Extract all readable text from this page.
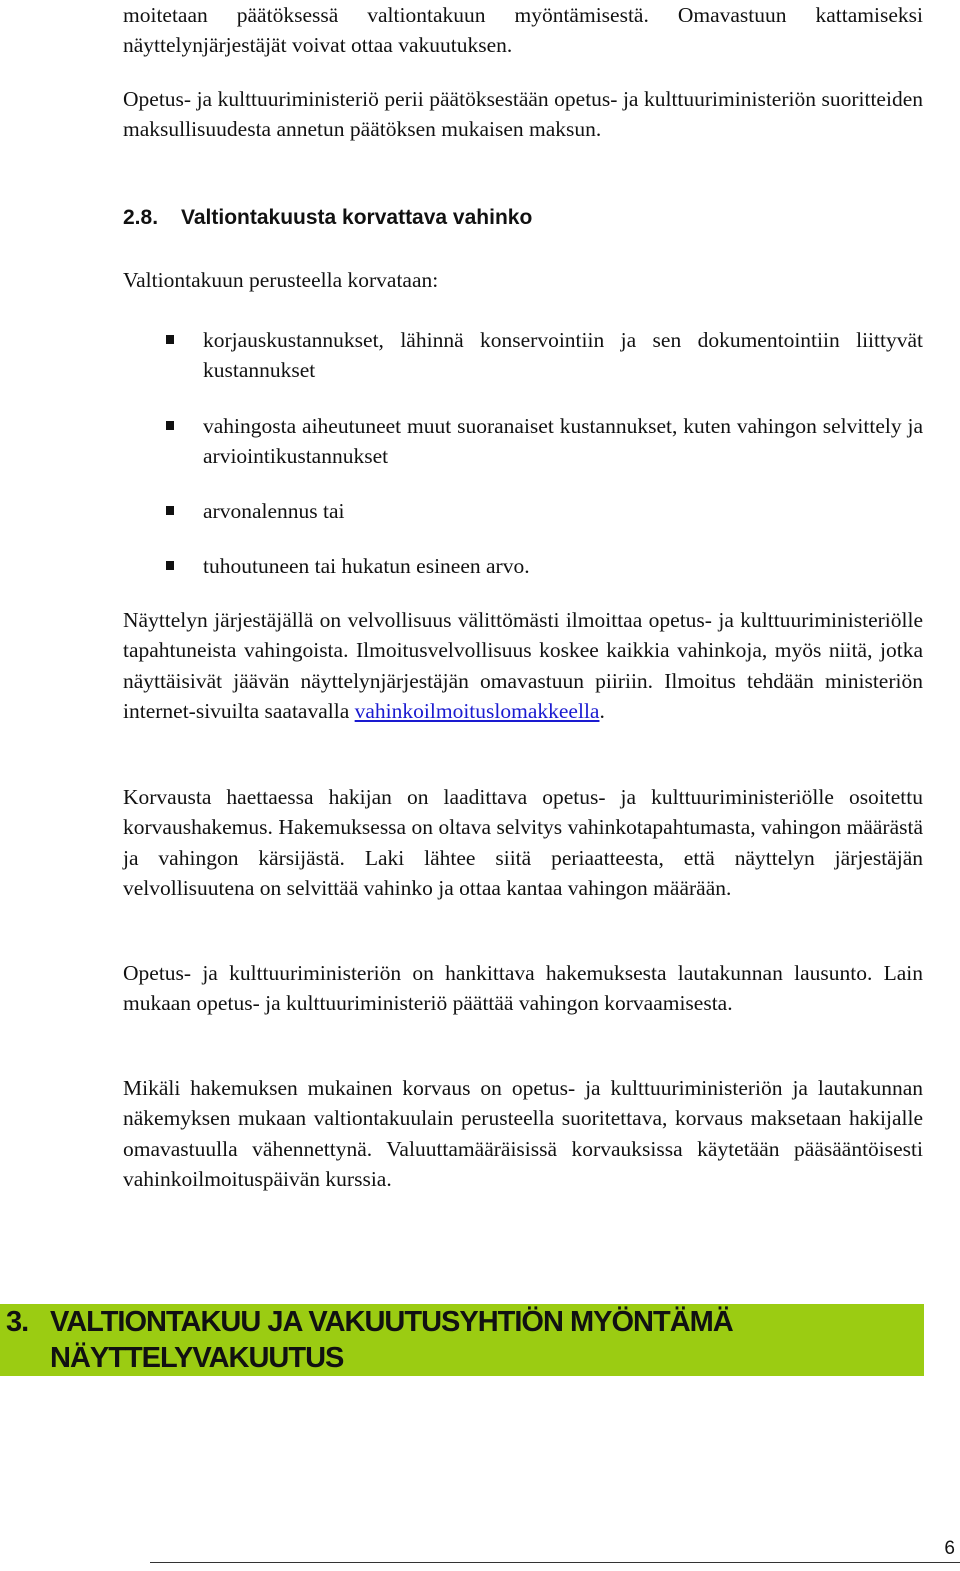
moitetaan päätöksessä valtiontakuun myöntämisestä. Omavastuun kattamiseksi näyttelynjärjestäjät voivat ottaa vakuutuksen.

Opetus- ja kulttuuriministeriö perii päätöksestään opetus- ja kulttuuriministeriön suoritteiden maksullisuudesta annetun päätöksen mukaisen maksun.

2.8. Valtiontakuusta korvattava vahinko

Valtiontakuun perusteella korvataan:

korjauskustannukset, lähinnä konservointiin ja sen dokumentointiin liittyvät kustannukset
vahingosta aiheutuneet muut suoranaiset kustannukset, kuten vahingon selvittely ja arviointikustannukset
arvonalennus tai
tuhoutuneen tai hukatun esineen arvo.

Näyttelyn järjestäjällä on velvollisuus välittömästi ilmoittaa opetus- ja kulttuuriministeriölle tapahtuneista vahingoista. Ilmoitusvelvollisuus koskee kaikkia vahinkoja, myös niitä, jotka näyttäisivät jäävän näyttelynjärjestäjän omavastuun piiriin. Ilmoitus tehdään ministeriön internet-sivuilta saatavalla vahinkoilmoituslomakkeella.

Korvausta haettaessa hakijan on laadittava opetus- ja kulttuuriministeriölle osoitettu korvaushakemus. Hakemuksessa on oltava selvitys vahinkotapahtumasta, vahingon määrästä ja vahingon kärsijästä. Laki lähtee siitä periaatteesta, että näyttelyn järjestäjän velvollisuutena on selvittää vahinko ja ottaa kantaa vahingon määrään.

Opetus- ja kulttuuriministeriön on hankittava hakemuksesta lautakunnan lausunto. Lain mukaan opetus- ja kulttuuriministeriö päättää vahingon korvaamisesta.

Mikäli hakemuksen mukainen korvaus on opetus- ja kulttuuriministeriön ja lautakunnan näkemyksen mukaan valtiontakuulain perusteella suoritettava, korvaus maksetaan hakijalle omavastuulla vähennettynä. Valuuttamääräisissä korvauksissa käytetään pääsääntöisesti vahinkoilmoituspäivän kurssia.

3. VALTIONTAKUU JA VAKUUTUSYHTIÖN MYÖNTÄMÄ NÄYTTELYVAKUUTUS
6
